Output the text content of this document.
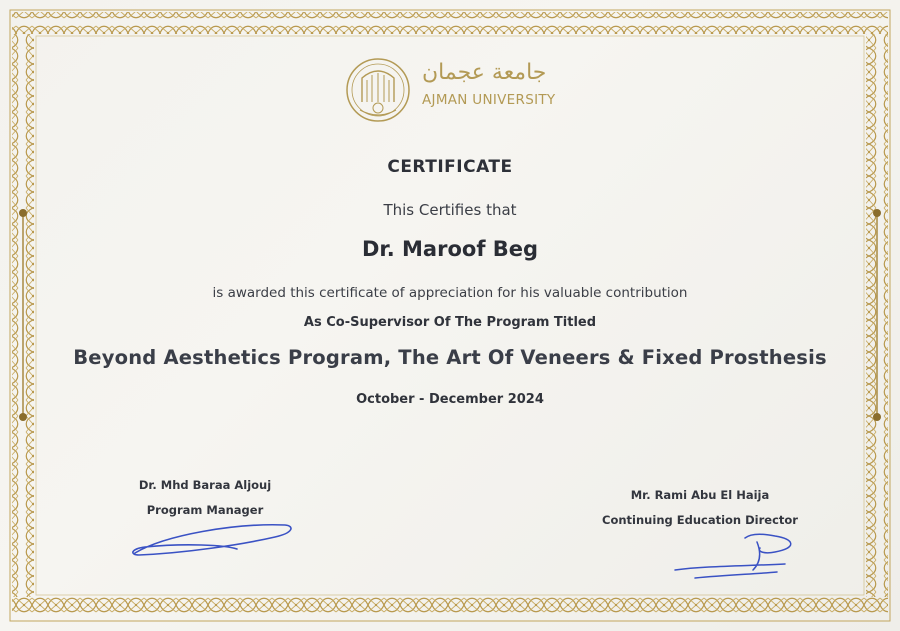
جامعة عجمان
AJMAN UNIVERSITY
CERTIFICATE
This Certifies that
Dr. Maroof Beg
is awarded this certificate of appreciation for his valuable contribution
As Co-Supervisor Of The Program Titled
Beyond Aesthetics Program, The Art Of Veneers & Fixed Prosthesis
October - December 2024
Dr. Mhd Baraa Aljouj
Program Manager
Mr. Rami Abu El Haija
Continuing Education Director
